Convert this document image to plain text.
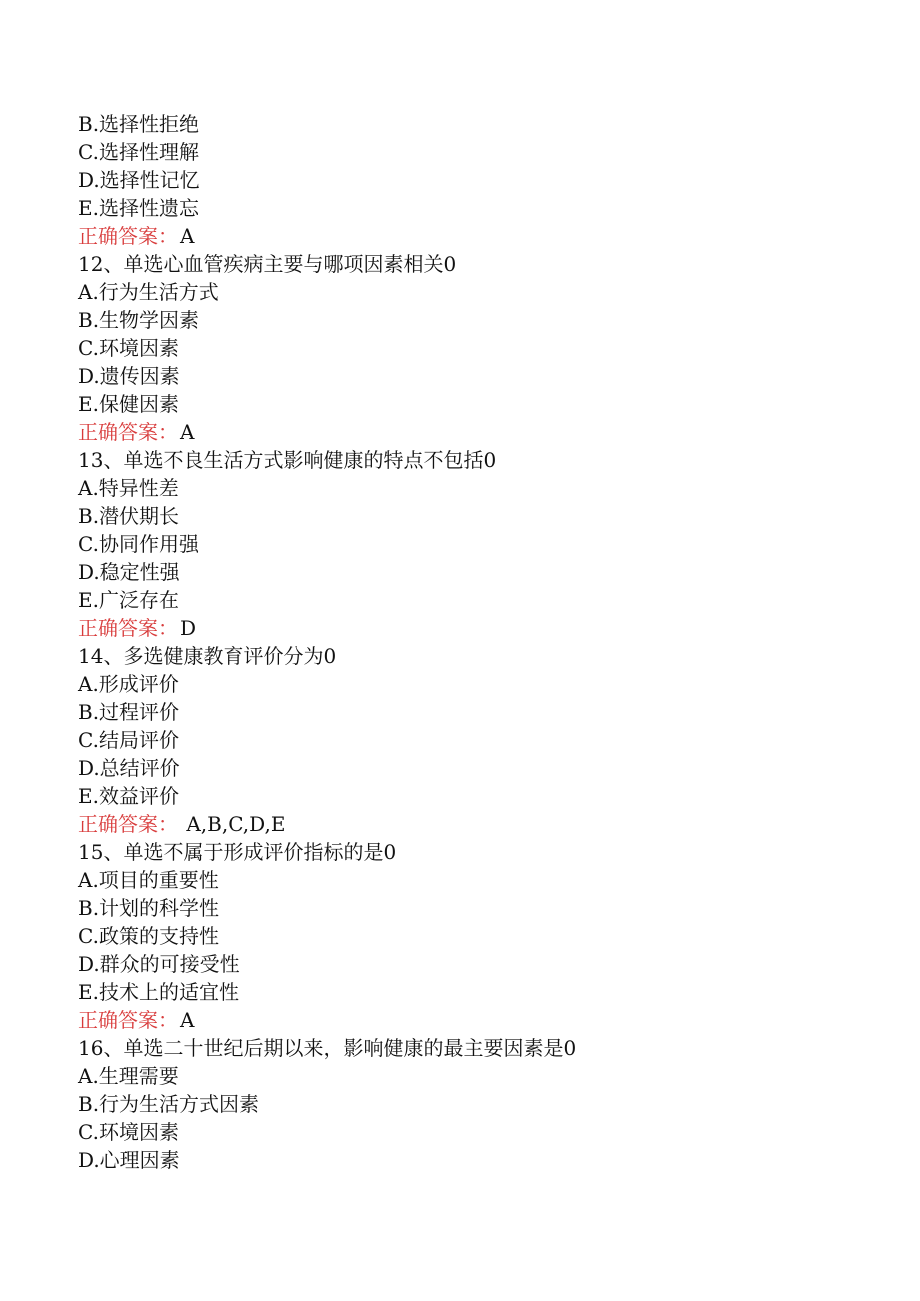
B.选择性拒绝
C.选择性理解
D.选择性记忆
E.选择性遗忘
正确答案： A
12、单选心血管疾病主要与哪项因素相关0
A.行为生活方式
B.生物学因素
C.环境因素
D.遗传因素
E.保健因素
正确答案： A
13、单选不良生活方式影响健康的特点不包括0
A.特异性差
B.潜伏期长
C.协同作用强
D.稳定性强
E.广泛存在
正确答案： D
14、多选健康教育评价分为0
A.形成评价
B.过程评价
C.结局评价
D.总结评价
E.效益评价
正确答案： A,B,C,D,E
15、单选不属于形成评价指标的是0
A.项目的重要性
B.计划的科学性
C.政策的支持性
D.群众的可接受性
E.技术上的适宜性
正确答案： A
16、单选二十世纪后期以来，影响健康的最主要因素是0
A.生理需要
B.行为生活方式因素
C.环境因素
D.心理因素
